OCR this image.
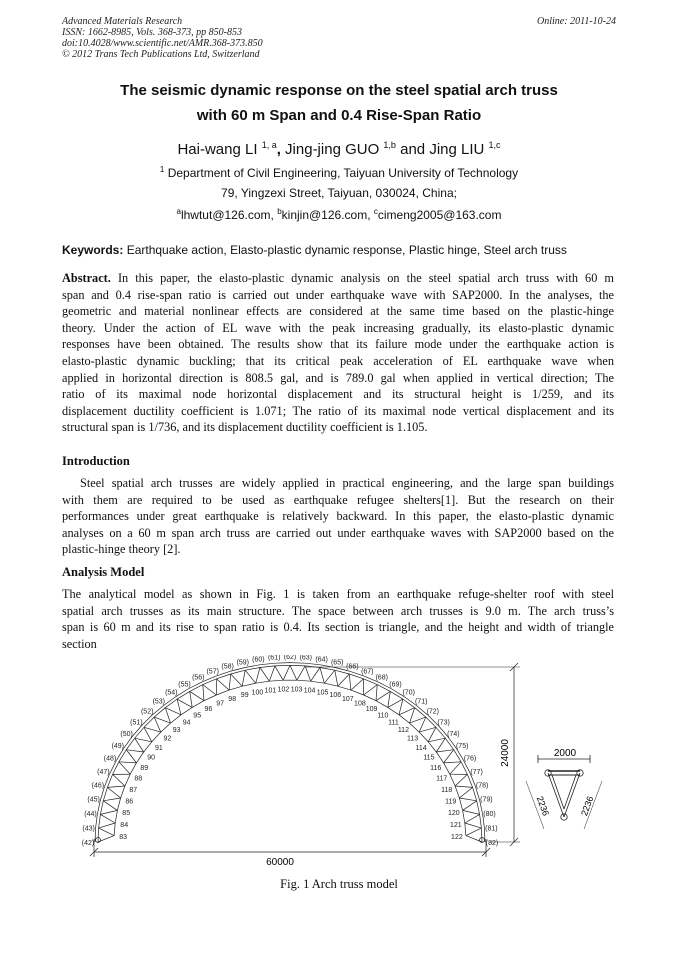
Advanced Materials Research
ISSN: 1662-8985, Vols. 368-373, pp 850-853
doi:10.4028/www.scientific.net/AMR.368-373.850
© 2012 Trans Tech Publications Ltd, Switzerland
Online: 2011-10-24
The seismic dynamic response on the steel spatial arch truss
with 60 m Span and 0.4 Rise-Span Ratio
Hai-wang LI $^{1, a}$, Jing-jing GUO $^{1,b}$ and Jing LIU $^{1,c}$
$^1$ Department of Civil Engineering, Taiyuan University of Technology
79, Yingzexi Street, Taiyuan, 030024, China;
$^a$lhwtut@126.com, $^b$kinjin@126.com, $^c$cimeng2005@163.com
Keywords: Earthquake action, Elasto-plastic dynamic response, Plastic hinge, Steel arch truss
Abstract. In this paper, the elasto-plastic dynamic analysis on the steel spatial arch truss with 60 m
span and 0.4 rise-span ratio is carried out under earthquake wave with SAP2000. In the analyses, the
geometric and material nonlinear effects are considered at the same time based on the plastic-hinge
theory. Under the action of EL wave with the peak increasing gradually, its elasto-plastic dynamic
responses have been obtained. The results show that its failure mode under the earthquake action is
elasto-plastic dynamic buckling; that its critical peak acceleration of EL earthquake wave when
applied in horizontal direction is 808.5 gal, and is 789.0 gal when applied in vertical direction; The
ratio of its maximal node horizontal displacement and its structural height is 1/259, and its
displacement ductility coefficient is 1.071; The ratio of its maximal node vertical displacement and its
structural span is 1/736, and its displacement ductility coefficient is 1.105.
Introduction
Steel spatial arch trusses are widely applied in practical engineering, and the large span buildings
with them are required to be used as earthquake refugee shelters[1]. But the research on their
performances under great earthquake is relatively backward. In this paper, the elasto-plastic dynamic
analyses on a 60 m span arch truss are carried out under earthquake waves with SAP2000 based on the
plastic-hinge theory [2].
Analysis Model
The analytical model as shown in Fig. 1 is taken from an earthquake refuge-shelter roof with steel
spatial arch trusses as its main structure. The space between arch trusses is 9.0 m. The arch truss’s
span is 60 m and its rise to span ratio is 0.4. Its section is triangle, and the height and width of triangle
section
(42)
(43)
(44)
(45)
(46)
(47)
(48)
(49)
(50)
(51)
(52)
(53)
(54)
(55)
(56)
(57)
(58)
(59) (60) (61) (62) (63) (64) (65)
(66)
(67)
(68)
(69)
(70)
(71)
(72)
(73)
(74)
(75)
(76)
(77)
(78)
(79)
(80)
(81)
(82)
83
84
85
86
87
88
89
90
91
92
93
94
95
96
97
98
99 100 101 102 103 104 105 106
107
108
109
110
111
112
113
114
115
116
117
118
119
120
121
122
60000
24000	2000
2236	2236
Fig. 1 Arch truss model
